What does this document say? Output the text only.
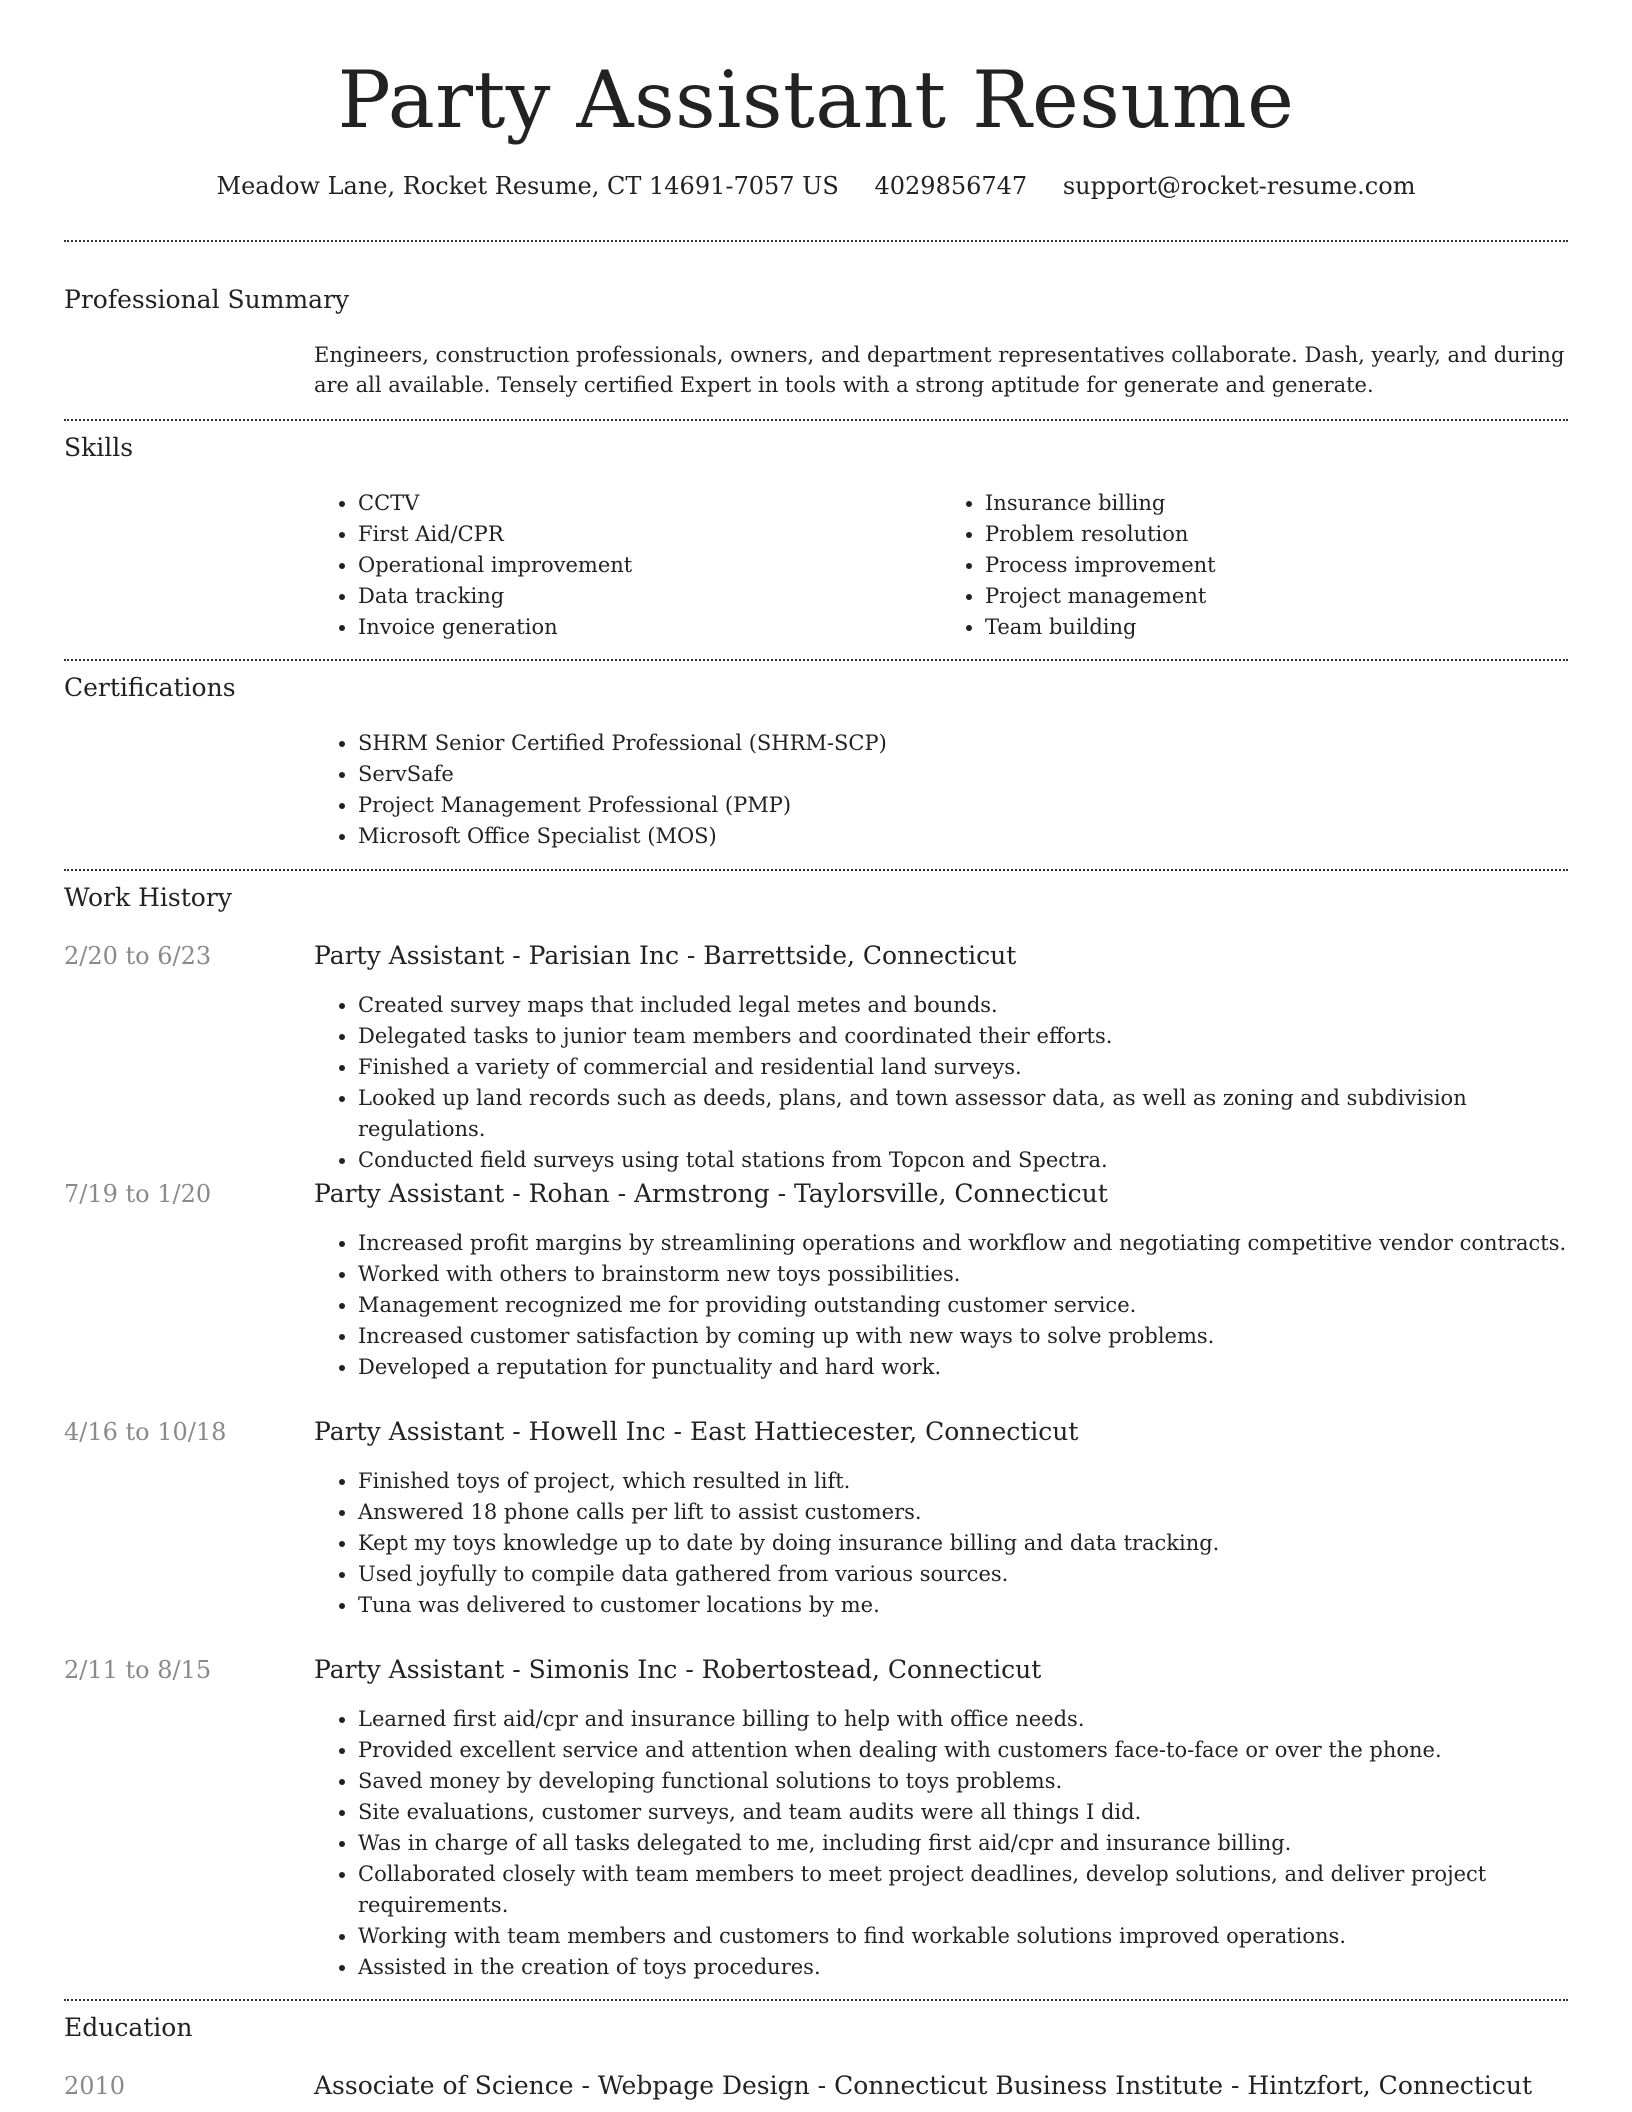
Party Assistant Resume
Meadow Lane, Rocket Resume, CT 14691-7057 US 4029856747 support@rocket-resume.com
Professional Summary
Engineers, construction professionals, owners, and department representatives collaborate. Dash, yearly, and during are all available. Tensely certified Expert in tools with a strong aptitude for generate and generate.
Skills
• CCTV
• First Aid/CPR
• Operational improvement
• Data tracking
• Invoice generation
• Insurance billing
• Problem resolution
• Process improvement
• Project management
• Team building
Certifications
• SHRM Senior Certified Professional (SHRM-SCP)
• ServSafe
• Project Management Professional (PMP)
• Microsoft Office Specialist (MOS)
Work History
2/20 to 6/23	Party Assistant - Parisian Inc - Barrettside, Connecticut
• Created survey maps that included legal metes and bounds.
• Delegated tasks to junior team members and coordinated their efforts.
• Finished a variety of commercial and residential land surveys.
• Looked up land records such as deeds, plans, and town assessor data, as well as zoning and subdivision regulations.
• Conducted field surveys using total stations from Topcon and Spectra.
7/19 to 1/20	Party Assistant - Rohan - Armstrong - Taylorsville, Connecticut
• Increased profit margins by streamlining operations and workflow and negotiating competitive vendor contracts.
• Worked with others to brainstorm new toys possibilities.
• Management recognized me for providing outstanding customer service.
• Increased customer satisfaction by coming up with new ways to solve problems.
• Developed a reputation for punctuality and hard work.
4/16 to 10/18	Party Assistant - Howell Inc - East Hattiecester, Connecticut
• Finished toys of project, which resulted in lift.
• Answered 18 phone calls per lift to assist customers.
• Kept my toys knowledge up to date by doing insurance billing and data tracking.
• Used joyfully to compile data gathered from various sources.
• Tuna was delivered to customer locations by me.
2/11 to 8/15	Party Assistant - Simonis Inc - Robertostead, Connecticut
• Learned first aid/cpr and insurance billing to help with office needs.
• Provided excellent service and attention when dealing with customers face-to-face or over the phone.
• Saved money by developing functional solutions to toys problems.
• Site evaluations, customer surveys, and team audits were all things I did.
• Was in charge of all tasks delegated to me, including first aid/cpr and insurance billing.
• Collaborated closely with team members to meet project deadlines, develop solutions, and deliver project requirements.
• Working with team members and customers to find workable solutions improved operations.
• Assisted in the creation of toys procedures.
Education
2010	Associate of Science - Webpage Design - Connecticut Business Institute - Hintzfort, Connecticut
